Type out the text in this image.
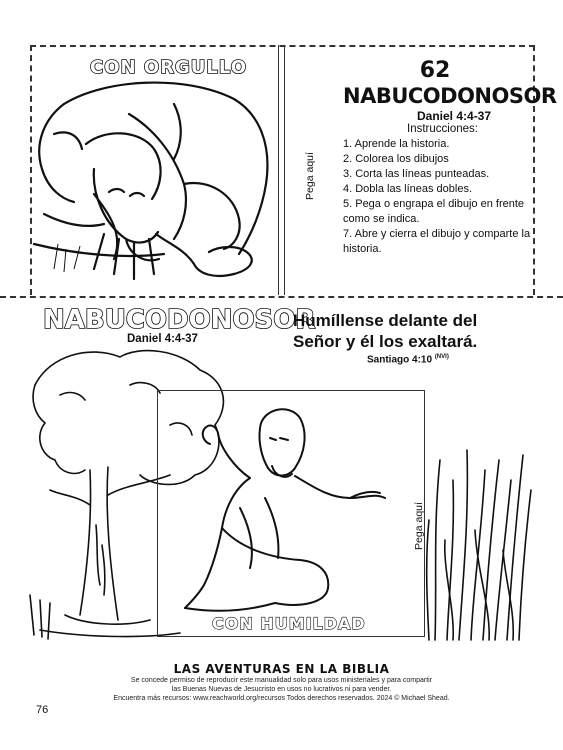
CON ORGULLO
Pega aquí
62
NABUCODONOSOR
Daniel 4:4-37
Instrucciones:
1. Aprende la historia.
2. Colorea los dibujos
3. Corta las líneas punteadas.
4. Dobla las líneas dobles.
5. Pega o engrapa el dibujo en frente como se indica.
7. Abre y cierra el dibujo y comparte la historia.
NABUCODONOSOR
Daniel 4:4-37
Humíllense delante del
Señor y él los exaltará.
Santiago 4:10 $^{(NVI)}$
CON HUMILDAD
Pega aquí
LAS AVENTURAS EN LA BIBLIA
Se concede permiso de reproducir este manualidad solo para usos ministeriales y para compartir
las Buenas Nuevas de Jesucristo en usos no lucrativos ni para vender.
Encuentra más recursos: www.reachworld.org/recursos Todos derechos reservados. 2024 © Michael Shead.
76
